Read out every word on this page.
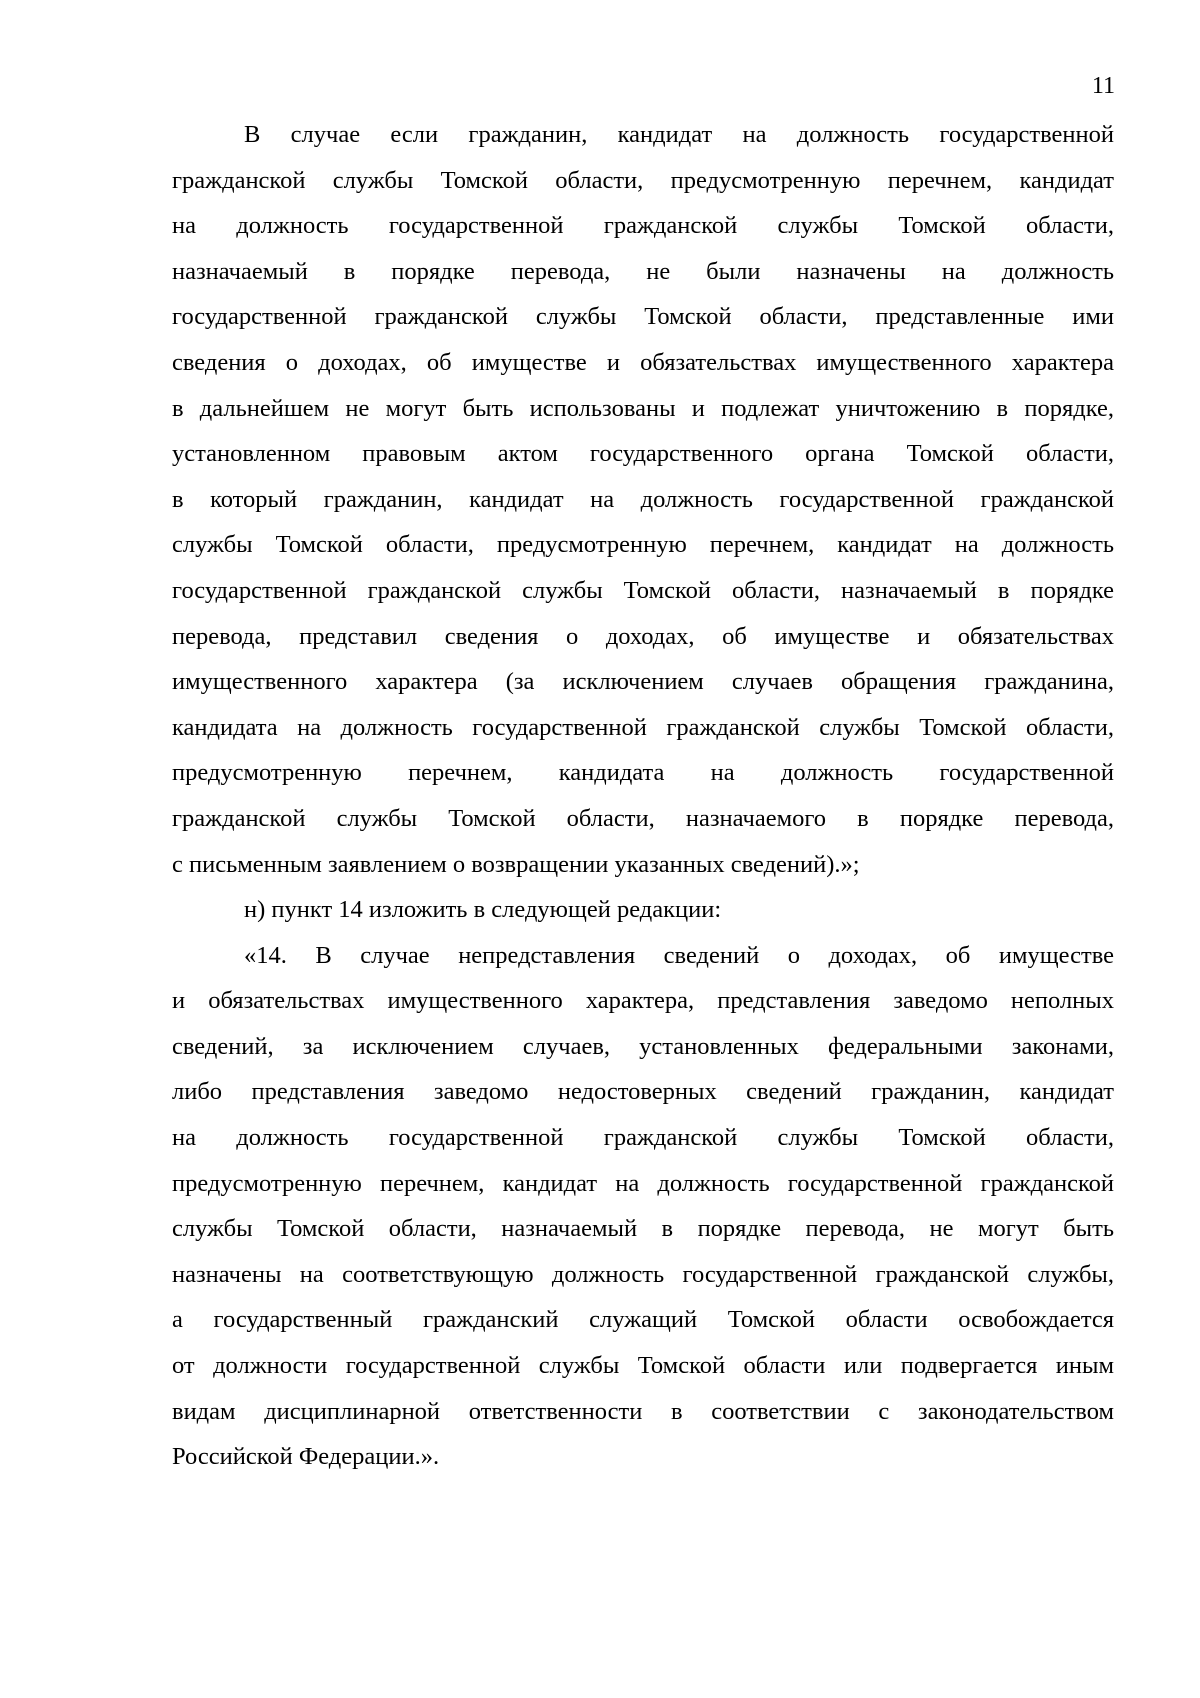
11
В случае если гражданин, кандидат на должность государственной
гражданской службы Томской области, предусмотренную перечнем, кандидат
на должность государственной гражданской службы Томской области,
назначаемый в порядке перевода, не были назначены на должность
государственной гражданской службы Томской области, представленные ими
сведения о доходах, об имуществе и обязательствах имущественного характера
в дальнейшем не могут быть использованы и подлежат уничтожению в порядке,
установленном правовым актом государственного органа Томской области,
в который гражданин, кандидат на должность государственной гражданской
службы Томской области, предусмотренную перечнем, кандидат на должность
государственной гражданской службы Томской области, назначаемый в порядке
перевода, представил сведения о доходах, об имуществе и обязательствах
имущественного характера (за исключением случаев обращения гражданина,
кандидата на должность государственной гражданской службы Томской области,
предусмотренную перечнем, кандидата на должность государственной
гражданской службы Томской области, назначаемого в порядке перевода,
с письменным заявлением о возвращении указанных сведений).»;
н) пункт 14 изложить в следующей редакции:
«14. В случае непредставления сведений о доходах, об имуществе
и обязательствах имущественного характера, представления заведомо неполных
сведений, за исключением случаев, установленных федеральными законами,
либо представления заведомо недостоверных сведений гражданин, кандидат
на должность государственной гражданской службы Томской области,
предусмотренную перечнем, кандидат на должность государственной гражданской
службы Томской области, назначаемый в порядке перевода, не могут быть
назначены на соответствующую должность государственной гражданской службы,
а государственный гражданский служащий Томской области освобождается
от должности государственной службы Томской области или подвергается иным
видам дисциплинарной ответственности в соответствии с законодательством
Российской Федерации.».
